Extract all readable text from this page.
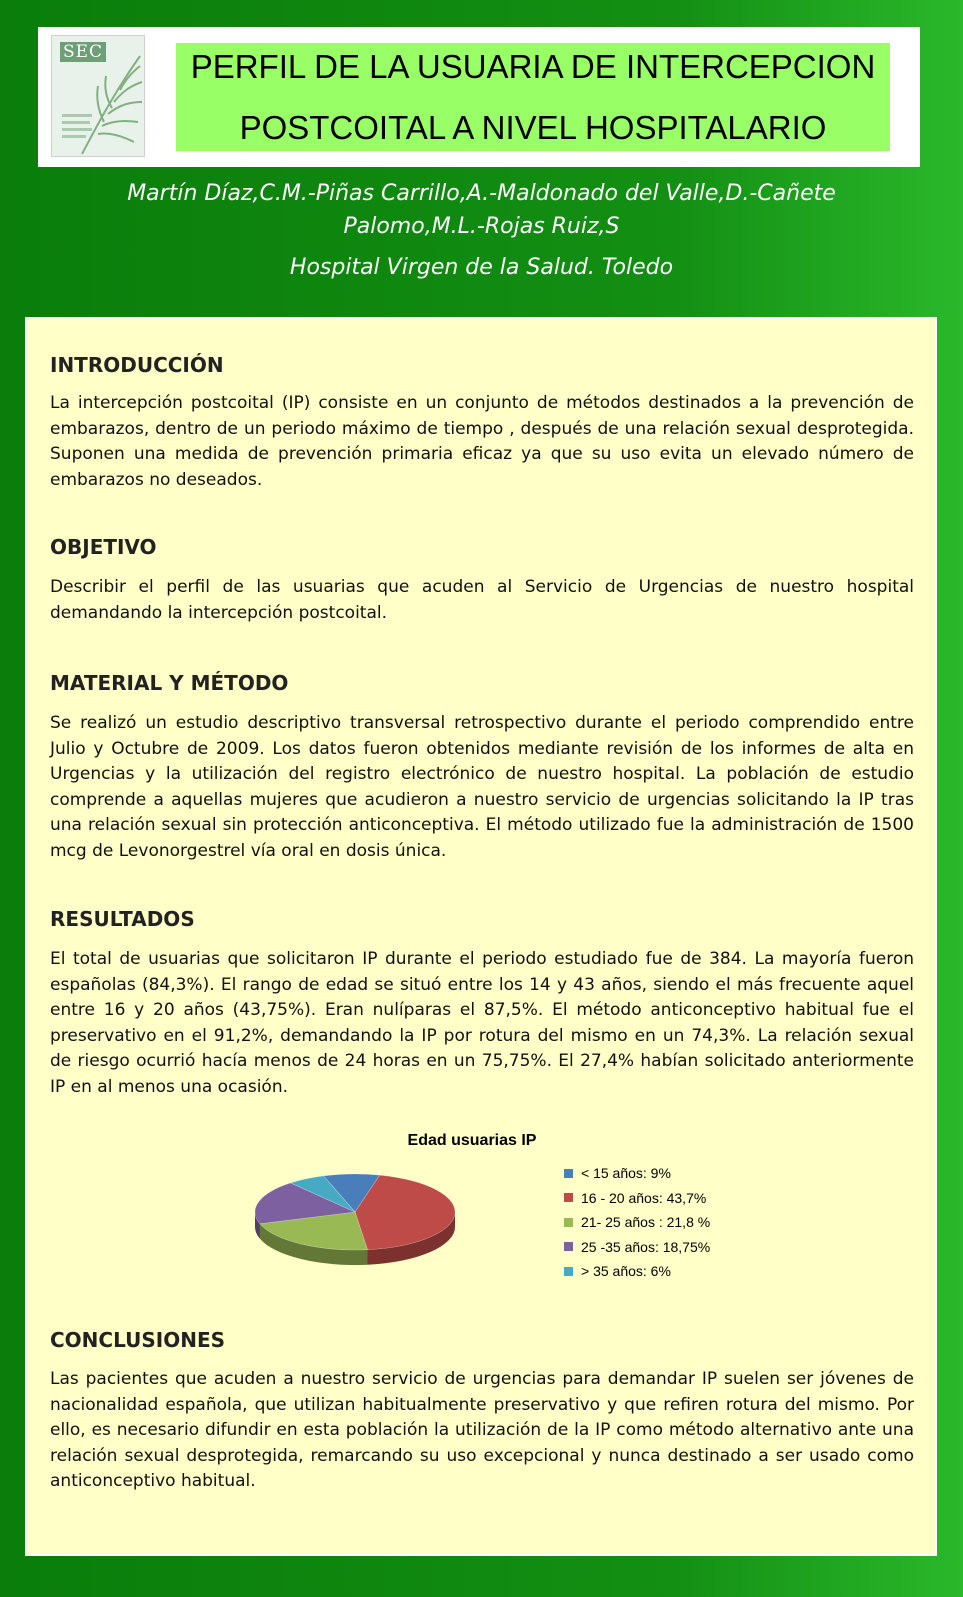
SEC	PERFIL DE LA USUARIA DE INTERCEPCION
POSTCOITAL A NIVEL HOSPITALARIO
Martín Díaz,C.M.-Piñas Carrillo,A.-Maldonado del Valle,D.-Cañete Palomo,M.L.-Rojas Ruiz,S
Hospital Virgen de la Salud. Toledo
INTRODUCCIÓN
La intercepción postcoital (IP) consiste en un conjunto de métodos destinados a la prevención de embarazos, dentro de un periodo máximo de tiempo , después de una relación sexual desprotegida. Suponen una medida de prevención primaria eficaz ya que su uso evita un elevado número de embarazos no deseados.
OBJETIVO
Describir el perfil de las usuarias que acuden al Servicio de Urgencias de nuestro hospital demandando la intercepción postcoital.
MATERIAL Y MÉTODO
Se realizó un estudio descriptivo transversal retrospectivo durante el periodo comprendido entre Julio y Octubre de 2009. Los datos fueron obtenidos mediante revisión de los informes de alta en Urgencias y la utilización del registro electrónico de nuestro hospital. La población de estudio comprende a aquellas mujeres que acudieron a nuestro servicio de urgencias solicitando la IP tras una relación sexual sin protección anticonceptiva. El método utilizado fue la administración de 1500 mcg de Levonorgestrel vía oral en dosis única.
RESULTADOS
El total de usuarias que solicitaron IP durante el periodo estudiado fue de 384. La mayoría fueron españolas (84,3%). El rango de edad se situó entre los 14 y 43 años, siendo el más frecuente aquel entre 16 y 20 años (43,75%). Eran nulíparas el 87,5%. El método anticonceptivo habitual fue el preservativo en el 91,2%, demandando la IP por rotura del mismo en un 74,3%. La relación sexual de riesgo ocurrió hacía menos de 24 horas en un 75,75%. El 27,4% habían solicitado anteriormente IP en al menos una ocasión.
Edad usuarias IP
< 15 años: 9%
16 - 20 años: 43,7%
21- 25 años : 21,8 %
25 -35 años: 18,75%
> 35 años: 6%
CONCLUSIONES
Las pacientes que acuden a nuestro servicio de urgencias para demandar IP suelen ser jóvenes de nacionalidad española, que utilizan habitualmente preservativo y que refiren rotura del mismo. Por ello, es necesario difundir en esta población la utilización de la IP como método alternativo ante una relación sexual desprotegida, remarcando su uso excepcional y nunca destinado a ser usado como anticonceptivo habitual.
